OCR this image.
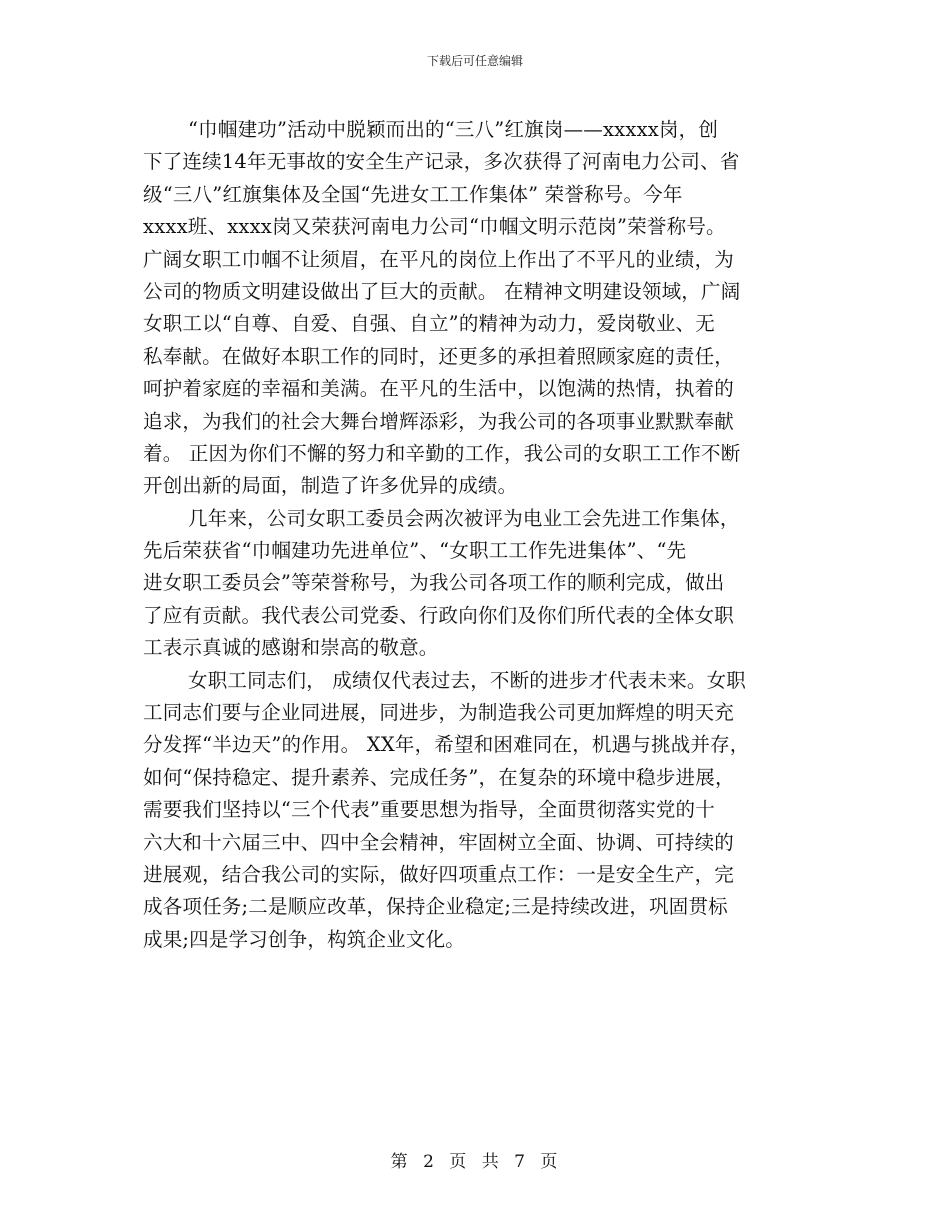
下载后可任意编辑
“巾帼建功”活动中脱颖而出的“三八”红旗岗——xxxxx岗，创
下了连续14年无事故的安全生产记录，多次获得了河南电力公司、省
级“三八”红旗集体及全国“先进女工工作集体” 荣誉称号。今年
xxxx班、xxxx岗又荣获河南电力公司“巾帼文明示范岗”荣誉称号。
广阔女职工巾帼不让须眉，在平凡的岗位上作出了不平凡的业绩，为
公司的物质文明建设做出了巨大的贡献。 在精神文明建设领域，广阔
女职工以“自尊、自爱、自强、自立”的精神为动力，爱岗敬业、无
私奉献。在做好本职工作的同时，还更多的承担着照顾家庭的责任，
呵护着家庭的幸福和美满。在平凡的生活中，以饱满的热情，执着的
追求，为我们的社会大舞台增辉添彩，为我公司的各项事业默默奉献
着。 正因为你们不懈的努力和辛勤的工作，我公司的女职工工作不断
开创出新的局面，制造了许多优异的成绩。
几年来，公司女职工委员会两次被评为电业工会先进工作集体，
先后荣获省“巾帼建功先进单位”、“女职工工作先进集体”、“先
进女职工委员会”等荣誉称号，为我公司各项工作的顺利完成，做出
了应有贡献。我代表公司党委、行政向你们及你们所代表的全体女职
工表示真诚的感谢和崇高的敬意。
女职工同志们， 成绩仅代表过去，不断的进步才代表未来。女职
工同志们要与企业同进展，同进步，为制造我公司更加辉煌的明天充
分发挥“半边天”的作用。 XX年，希望和困难同在，机遇与挑战并存，
如何“保持稳定、提升素养、完成任务”，在复杂的环境中稳步进展，
需要我们坚持以“三个代表”重要思想为指导，全面贯彻落实党的十
六大和十六届三中、四中全会精神，牢固树立全面、协调、可持续的
进展观，结合我公司的实际，做好四项重点工作：一是安全生产，完
成各项任务;二是顺应改革，保持企业稳定;三是持续改进，巩固贯标
成果;四是学习创争，构筑企业文化。
第 2 页 共 7 页
